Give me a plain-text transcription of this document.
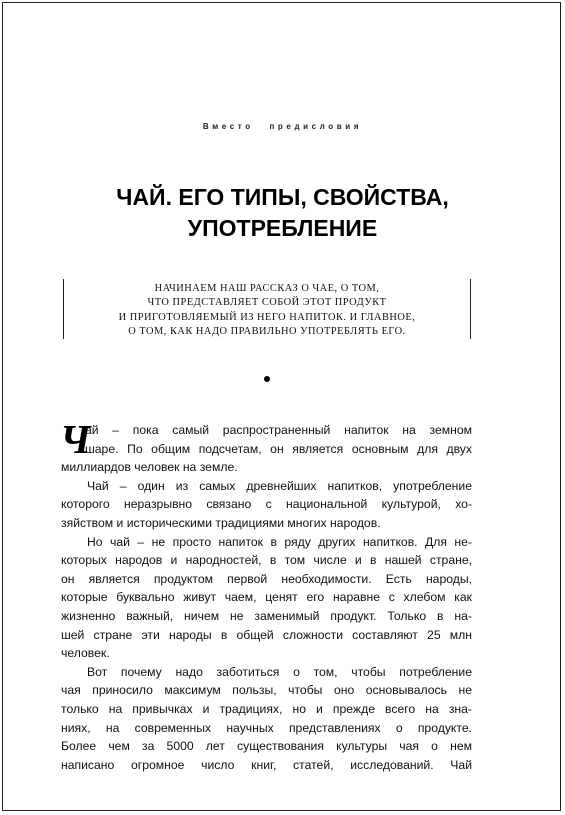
Вместо предисловия
ЧАЙ. ЕГО ТИПЫ, СВОЙСТВА,
УПОТРЕБЛЕНИЕ
НАЧИНАЕМ НАШ РАССКАЗ О ЧАЕ, О ТОМ,
ЧТО ПРЕДСТАВЛЯЕТ СОБОЙ ЭТОТ ПРОДУКТ
И ПРИГОТОВЛЯЕМЫЙ ИЗ НЕГО НАПИТОК. И ГЛАВНОЕ,
О ТОМ, КАК НАДО ПРАВИЛЬНО УПОТРЕБЛЯТЬ ЕГО.
Ч
ай – пока самый распространенный напиток на земном
шаре. По общим подсчетам, он является основным для двух
миллиардов человек на земле.
Чай – один из самых древнейших напитков, употребление
которого неразрывно связано с национальной культурой, хо-
зяйством и историческими традициями многих народов.
Но чай – не просто напиток в ряду других напитков. Для не-
которых народов и народностей, в том числе и в нашей стране,
он является продуктом первой необходимости. Есть народы,
которые буквально живут чаем, ценят его наравне с хлебом как
жизненно важный, ничем не заменимый продукт. Только в на-
шей стране эти народы в общей сложности составляют 25 млн
человек.
Вот почему надо заботиться о том, чтобы потребление
чая приносило максимум пользы, чтобы оно основывалось не
только на привычках и традициях, но и прежде всего на зна-
ниях, на современных научных представлениях о продукте.
Более чем за 5000 лет существования культуры чая о нем
написано огромное число книг, статей, исследований. Чай
